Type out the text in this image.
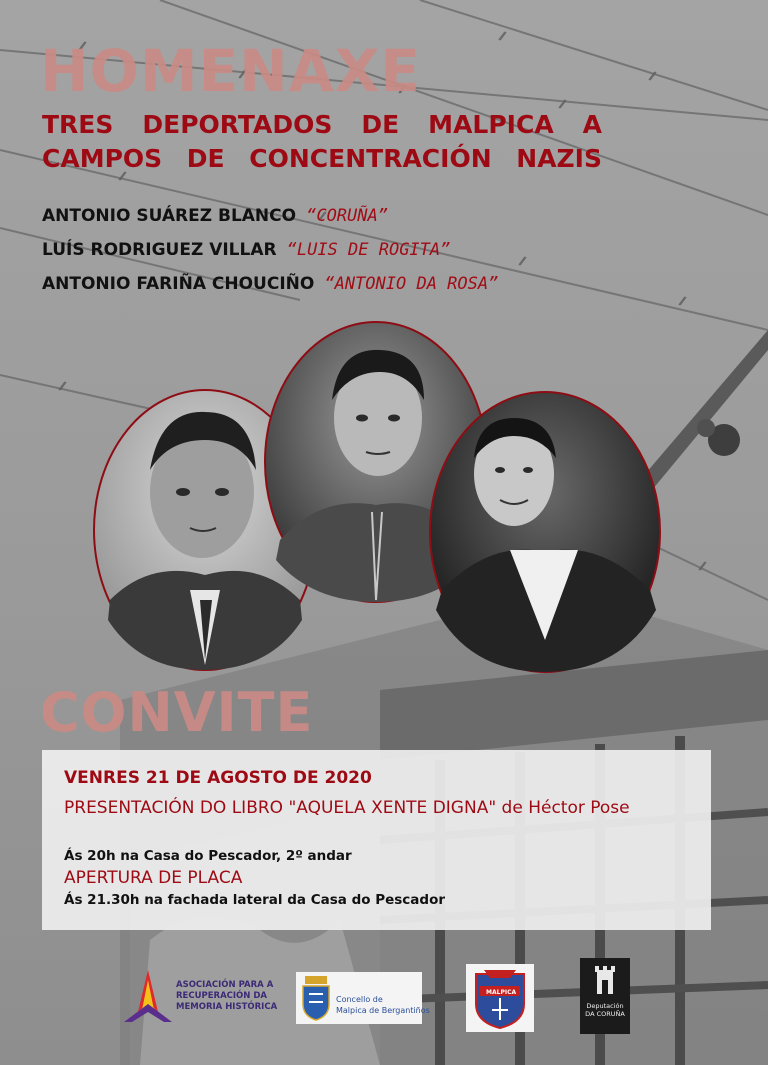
HOMENAXE
TRES DEPORTADOS DE MALPICA A
CAMPOS DE CONCENTRACIÓN NAZIS
ANTONIO SUÁREZ BLANCO “CORUÑA”
LUÍS RODRIGUEZ VILLAR “LUIS DE ROGITA”
ANTONIO FARIÑA CHOUCIÑO “ANTONIO DA ROSA”
CONVITE
VENRES 21 DE AGOSTO DE 2020
PRESENTACIÓN DO LIBRO "AQUELA XENTE DIGNA" de Héctor Pose
Ás 20h na Casa do Pescador, 2º andar
APERTURA DE PLACA
Ás 21.30h na fachada lateral da Casa do Pescador
ASOCIACIÓN PARA A
RECUPERACIÓN DA
MEMORIA HISTÓRICA
Concello de
Malpica de Bergantiños
MALPICA
Deputación
DA CORUÑA
